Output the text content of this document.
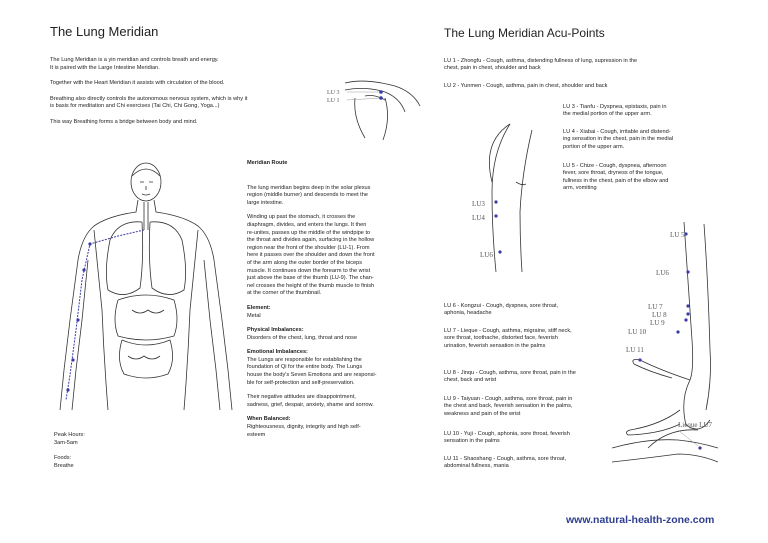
The Lung Meridian
The Lung Meridian is a yin meridian and controls breath and energy.
It is paired with the Large Intestine Meridian.
Together with the Heart Meridian it assists with circulation of the blood.
Breathing also directly controls the autonomous nervous system, which is why it
is basis for meditation and Chi exercises (Tai Chi, Chi Gong, Yoga...)
This way Breathing forms a bridge between body and mind.
Peak Hours:
3am-5am
Foods:
Breathe
Meridian Route
The lung meridian begins deep in the solar plexus
region (middle burner) and descends to meet the
large intestine.
Winding up past the stomach, it crosses the
diaphragm, divides, and enters the lungs. It then
re-unites, passes up the middle of the windpipe to
the throat and divides again, surfacing in the hollow
region near the front of the shoulder (LU-1). From
here it passes over the shoulder and down the front
of the arm along the outer border of the biceps
muscle. It continues down the forearm to the wrist
just above the base of the thumb (LU-9). The chan-
nel crosses the height of the thumb muscle to finish
at the corner of the thumbnail.
Element:
Metal
Physical Imbalances:
Disorders of the chest, lung, throat and nose
Emotional Imbalances:
The Lungs are responsible for establishing the
foundation of Qi for the entire body. The Lungs
house the body's Seven Emotions and are responsi-
ble for self-protection and self-preservation.
Their negative attitudes are disappointment,
sadness, grief, despair, anxiety, shame and sorrow.
When Balanced:
Righteousness, dignity, integrity and high self-
esteem
The Lung Meridian Acu-Points
LU 1 - Zhongfu - Cough, asthma, distending fullness of lung, supression in the
chest, pain in chest, shoulder and back
LU 2 - Yunmen - Cough, asthma, pain in chest, shoulder and back
LU 3
LU 1
LU3
LU4
LU6
LU 3 - Tianfu - Dyspnea, epistaxis, pain in
the medial portion of the upper arm.
LU 4 - Xiabai - Cough, irritable and distend-
ing sensation in the chest, pain in the medial
portion of the upper arm.
LU 5 - Chize - Cough, dyspnea, afternoon
fever, sore throat, dryness of the tongue,
fullness in the chest, pain of the elbow and
arm, vomiting
LU 5
LU6
LU 7
LU 8
LU 9
LU 10
LU 11
Lieque LU7
LU 6 - Kongzui - Cough, dyspnea, sore throat,
aphonia, headache
LU 7 - Lieque - Cough, asthma, migraine, stiff neck,
sore throat, toothache, distorted face, feverish
urination, feverish sensation in the palms
LU 8 - Jinqu - Cough, asthma, sore throat, pain in the
chest, back and wrist
LU 9 - Taiyuan - Cough, asthma, sore throat, pain in
the chest and back, feverish sensation in the palms,
weakness and pain of the wrist
LU 10 - Yuji - Cough, aphonia, sore throat, feverish
sensation in the palms
LU 11 - Shaoshang - Cough, asthma, sore throat,
abdominal fullness, mania
www.natural-health-zone.com
